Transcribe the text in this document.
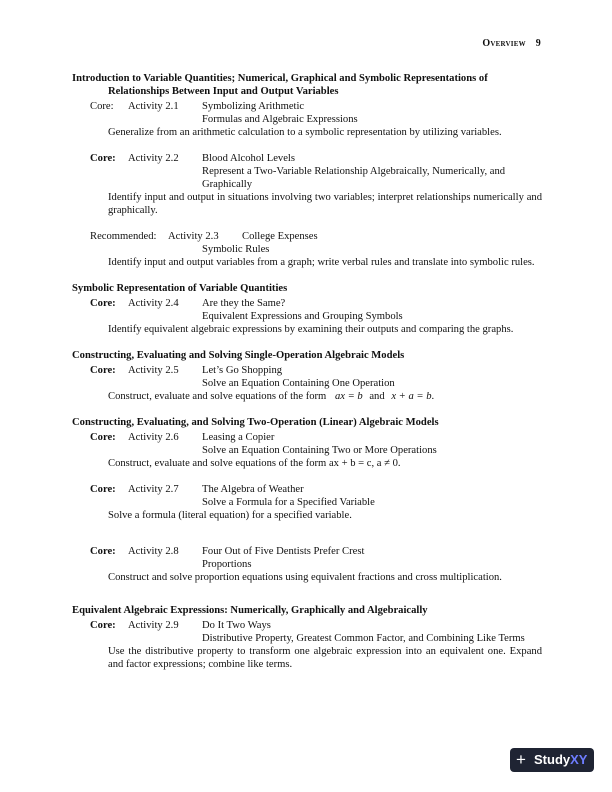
Overview 9
Introduction to Variable Quantities; Numerical, Graphical and Symbolic Representations of
Relationships Between Input and Output Variables
Core: Activity 2.1 Symbolizing Arithmetic
Formulas and Algebraic Expressions
Generalize from an arithmetic calculation to a symbolic representation by utilizing variables.
Core: Activity 2.2 Blood Alcohol Levels
Represent a Two-Variable Relationship Algebraically, Numerically, and
Graphically
Identify input and output in situations involving two variables; interpret relationships numerically and graphically.
Recommended: Activity 2.3 College Expenses
Symbolic Rules
Identify input and output variables from a graph; write verbal rules and translate into symbolic rules.
Symbolic Representation of Variable Quantities
Core: Activity 2.4 Are they the Same?
Equivalent Expressions and Grouping Symbols
Identify equivalent algebraic expressions by examining their outputs and comparing the graphs.
Constructing, Evaluating and Solving Single-Operation Algebraic Models
Core: Activity 2.5 Let’s Go Shopping
Solve an Equation Containing One Operation
Construct, evaluate and solve equations of the form ax = b and x + a = b.
Constructing, Evaluating, and Solving Two-Operation (Linear) Algebraic Models
Core: Activity 2.6 Leasing a Copier
Solve an Equation Containing Two or More Operations
Construct, evaluate and solve equations of the form ax + b = c, a ≠ 0.
Core: Activity 2.7 The Algebra of Weather
Solve a Formula for a Specified Variable
Solve a formula (literal equation) for a specified variable.
Core: Activity 2.8 Four Out of Five Dentists Prefer Crest
Proportions
Construct and solve proportion equations using equivalent fractions and cross multiplication.
Equivalent Algebraic Expressions: Numerically, Graphically and Algebraically
Core: Activity 2.9 Do It Two Ways
Distributive Property, Greatest Common Factor, and Combining Like Terms
Use the distributive property to transform one algebraic expression into an equivalent one. Expand and factor expressions; combine like terms.
+ StudyXY
